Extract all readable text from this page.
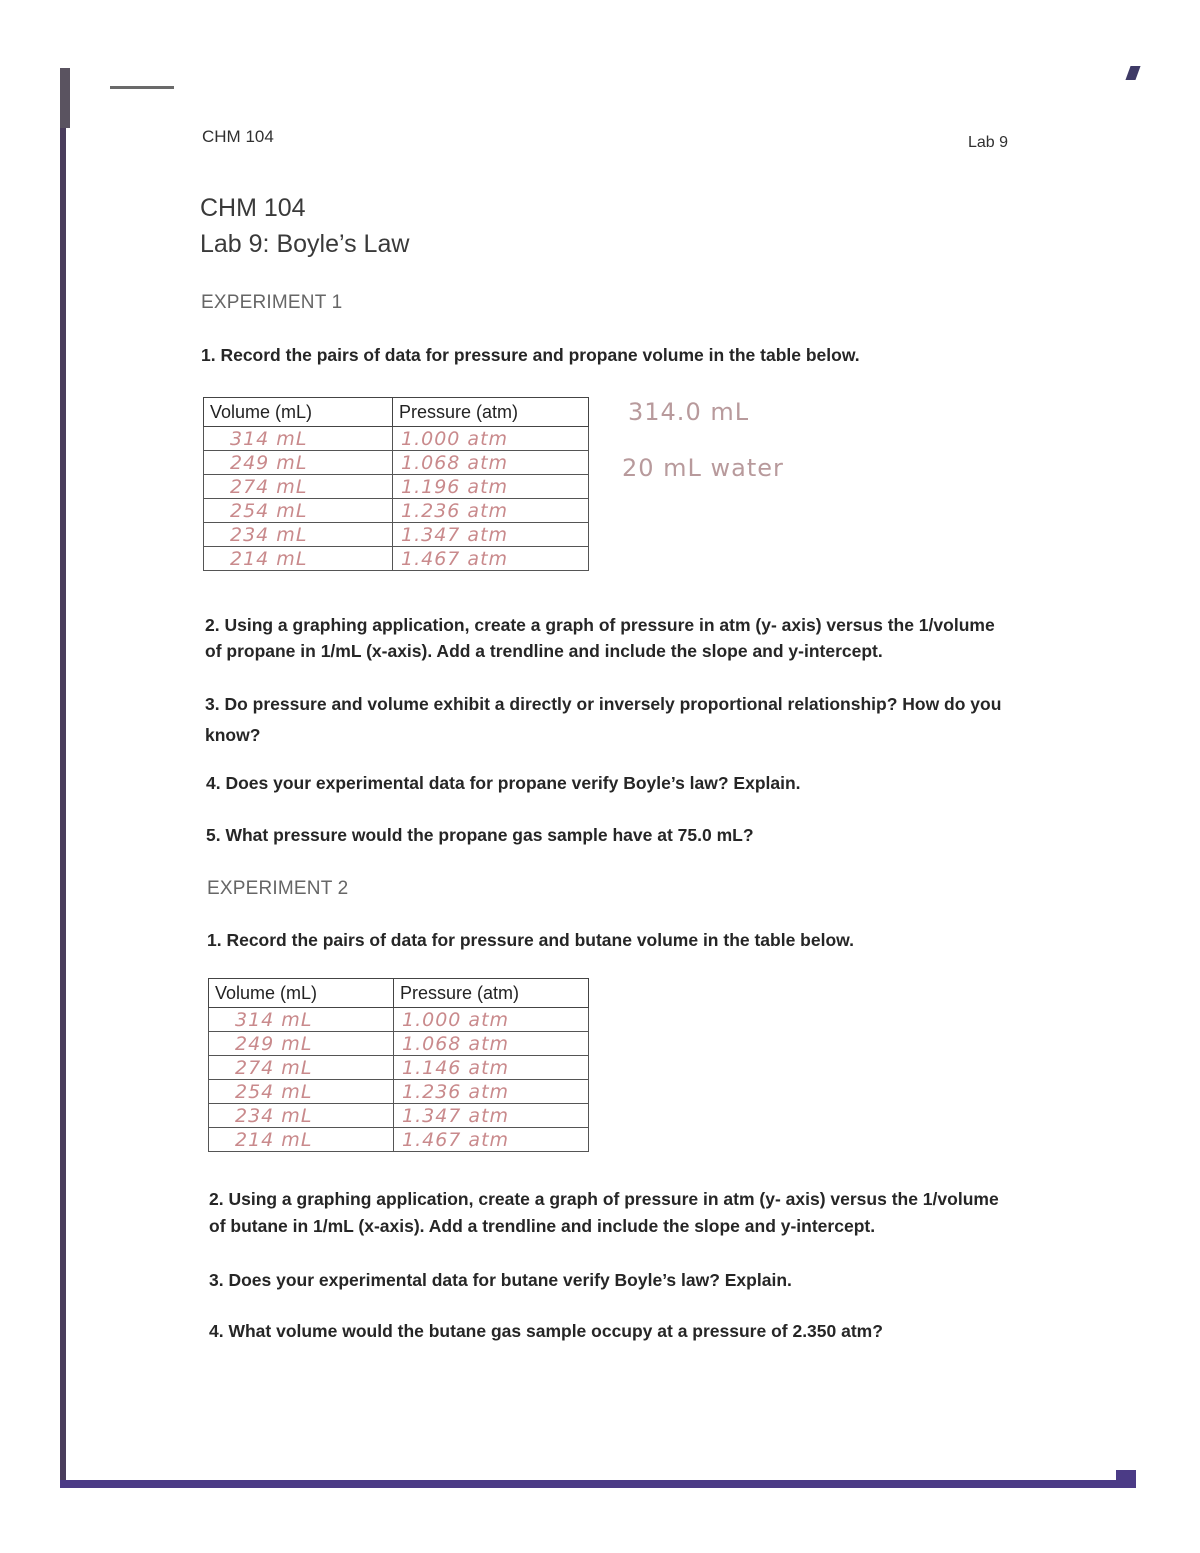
CHM 104	Lab 9
CHM 104
Lab 9: Boyle’s Law
EXPERIMENT 1
1. Record the pairs of data for pressure and propane volume in the table below.
Volume (mL)	Pressure (atm)
314 mL	1.000 atm
249 mL	1.068 atm
274 mL	1.196 atm
254 mL	1.236 atm
234 mL	1.347 atm
214 mL	1.467 atm
314.0 mL
20 mL water
2. Using a graphing application, create a graph of pressure in atm (y- axis) versus the 1/volume
of propane in 1/mL (x-axis). Add a trendline and include the slope and y-intercept.
3. Do pressure and volume exhibit a directly or inversely proportional relationship? How do you
know?
4. Does your experimental data for propane verify Boyle’s law? Explain.
5. What pressure would the propane gas sample have at 75.0 mL?
EXPERIMENT 2
1. Record the pairs of data for pressure and butane volume in the table below.
Volume (mL)	Pressure (atm)
314 mL	1.000 atm
249 mL	1.068 atm
274 mL	1.146 atm
254 mL	1.236 atm
234 mL	1.347 atm
214 mL	1.467 atm
2. Using a graphing application, create a graph of pressure in atm (y- axis) versus the 1/volume
of butane in 1/mL (x-axis). Add a trendline and include the slope and y-intercept.
3. Does your experimental data for butane verify Boyle’s law? Explain.
4. What volume would the butane gas sample occupy at a pressure of 2.350 atm?
